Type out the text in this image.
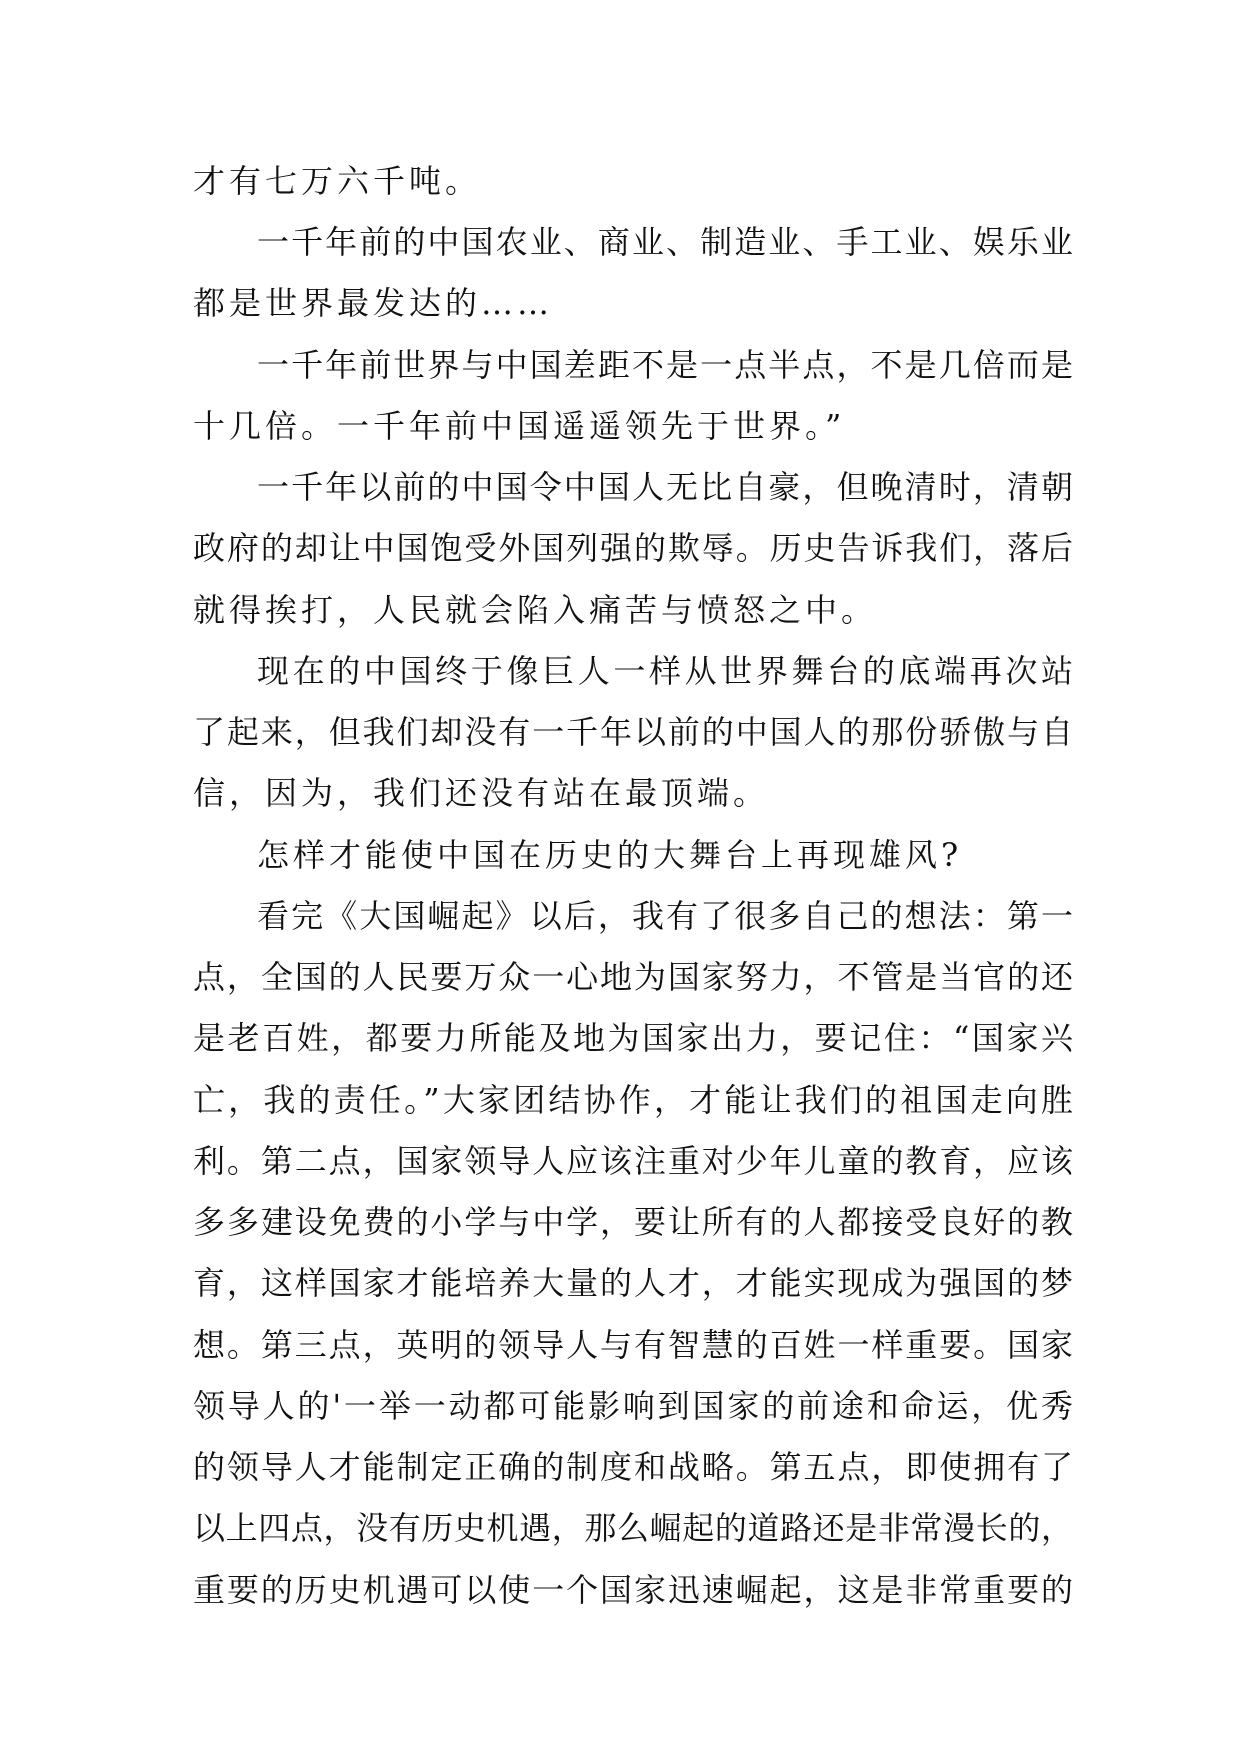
才有七万六千吨。
一千年前的中国农业、商业、制造业、手工业、娱乐业
都是世界最发达的……
一千年前世界与中国差距不是一点半点，不是几倍而是
十几倍。一千年前中国遥遥领先于世界。”
一千年以前的中国令中国人无比自豪，但晚清时，清朝
政府的却让中国饱受外国列强的欺辱。历史告诉我们，落后
就得挨打，人民就会陷入痛苦与愤怒之中。
现在的中国终于像巨人一样从世界舞台的底端再次站
了起来，但我们却没有一千年以前的中国人的那份骄傲与自
信，因为，我们还没有站在最顶端。
怎样才能使中国在历史的大舞台上再现雄风?
看完《大国崛起》以后，我有了很多自己的想法：第一
点，全国的人民要万众一心地为国家努力，不管是当官的还
是老百姓，都要力所能及地为国家出力，要记住：“国家兴
亡，我的责任。”大家团结协作，才能让我们的祖国走向胜
利。第二点，国家领导人应该注重对少年儿童的教育，应该
多多建设免费的小学与中学，要让所有的人都接受良好的教
育，这样国家才能培养大量的人才，才能实现成为强国的梦
想。第三点，英明的领导人与有智慧的百姓一样重要。国家
领导人的'一举一动都可能影响到国家的前途和命运，优秀
的领导人才能制定正确的制度和战略。第五点，即使拥有了
以上四点，没有历史机遇，那么崛起的道路还是非常漫长的，
重要的历史机遇可以使一个国家迅速崛起，这是非常重要的
